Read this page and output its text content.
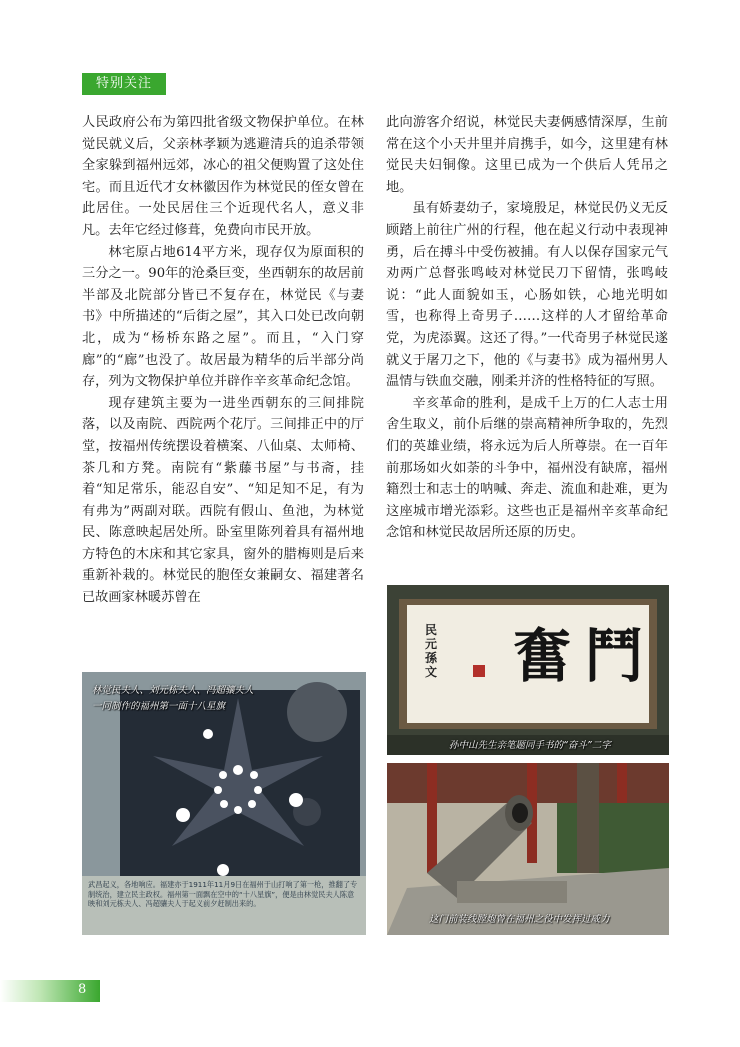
特别关注

人民政府公布为第四批省级文物保护单位。在林觉民就义后，父亲林孝颖为逃避清兵的追杀带领全家躲到福州远郊，冰心的祖父便购置了这处住宅。而且近代才女林徽因作为林觉民的侄女曾在此居住。一处民居住三个近现代名人，意义非凡。去年它经过修葺，免费向市民开放。

林宅原占地614平方米，现存仅为原面积的三分之一。90年的沧桑巨变，坐西朝东的故居前半部及北院部分皆已不复存在，林觉民《与妻书》中所描述的“后街之屋”，其入口处已改向朝北，成为“杨桥东路之屋”。而且，“入门穿廊”的“廊”也没了。故居最为精华的后半部分尚存，列为文物保护单位并辟作辛亥革命纪念馆。

现存建筑主要为一进坐西朝东的三间排院落，以及南院、西院两个花厅。三间排正中的厅堂，按福州传统摆设着横案、八仙桌、太师椅、茶几和方凳。南院有“紫藤书屋”与书斋，挂着“知足常乐，能忍自安”、“知足知不足，有为有弗为”两副对联。西院有假山、鱼池，为林觉民、陈意映起居处所。卧室里陈列着具有福州地方特色的木床和其它家具，窗外的腊梅则是后来重新补栽的。林觉民的胞侄女兼嗣女、福建著名已故画家林暖苏曾在

此向游客介绍说，林觉民夫妻俩感情深厚，生前常在这个小天井里并肩携手，如今，这里建有林觉民夫妇铜像。这里已成为一个供后人凭吊之地。

虽有娇妻幼子，家境殷足，林觉民仍义无反顾踏上前往广州的行程，他在起义行动中表现神勇，后在搏斗中受伤被捕。有人以保存国家元气劝两广总督张鸣岐对林觉民刀下留情，张鸣岐说：“此人面貌如玉，心肠如铁，心地光明如雪，也称得上奇男子……这样的人才留给革命党，为虎添翼。这还了得。”一代奇男子林觉民遂就义于屠刀之下，他的《与妻书》成为福州男人温情与铁血交融，刚柔并济的性格特征的写照。

辛亥革命的胜利，是成千上万的仁人志士用舍生取义，前仆后继的崇高精神所争取的，先烈们的英雄业绩，将永远为后人所尊崇。在一百年前那场如火如荼的斗争中，福州没有缺席，福州籍烈士和志士的呐喊、奔走、流血和赴难，更为这座城市增光添彩。这些也正是福州辛亥革命纪念馆和林觉民故居所还原的历史。

林觉民夫人、刘元栋夫人、冯超骧夫人
一同制作的福州第一面十八星旗
武昌起义，各地响应。福建亦于1911年11月9日在福州于山打响了第一枪，推翻了专制统治，建立民主政权。福州第一面飘在空中的“十八星旗”，便是由林觉民夫人陈意映和刘元栋夫人、冯超骧夫人于起义前夕赶制出来的。
民元 孫文 奮鬥
孙中山先生亲笔题同手书的“奋斗”二字
这门前装线膛炮曾在福州之役中发挥过威力
8
